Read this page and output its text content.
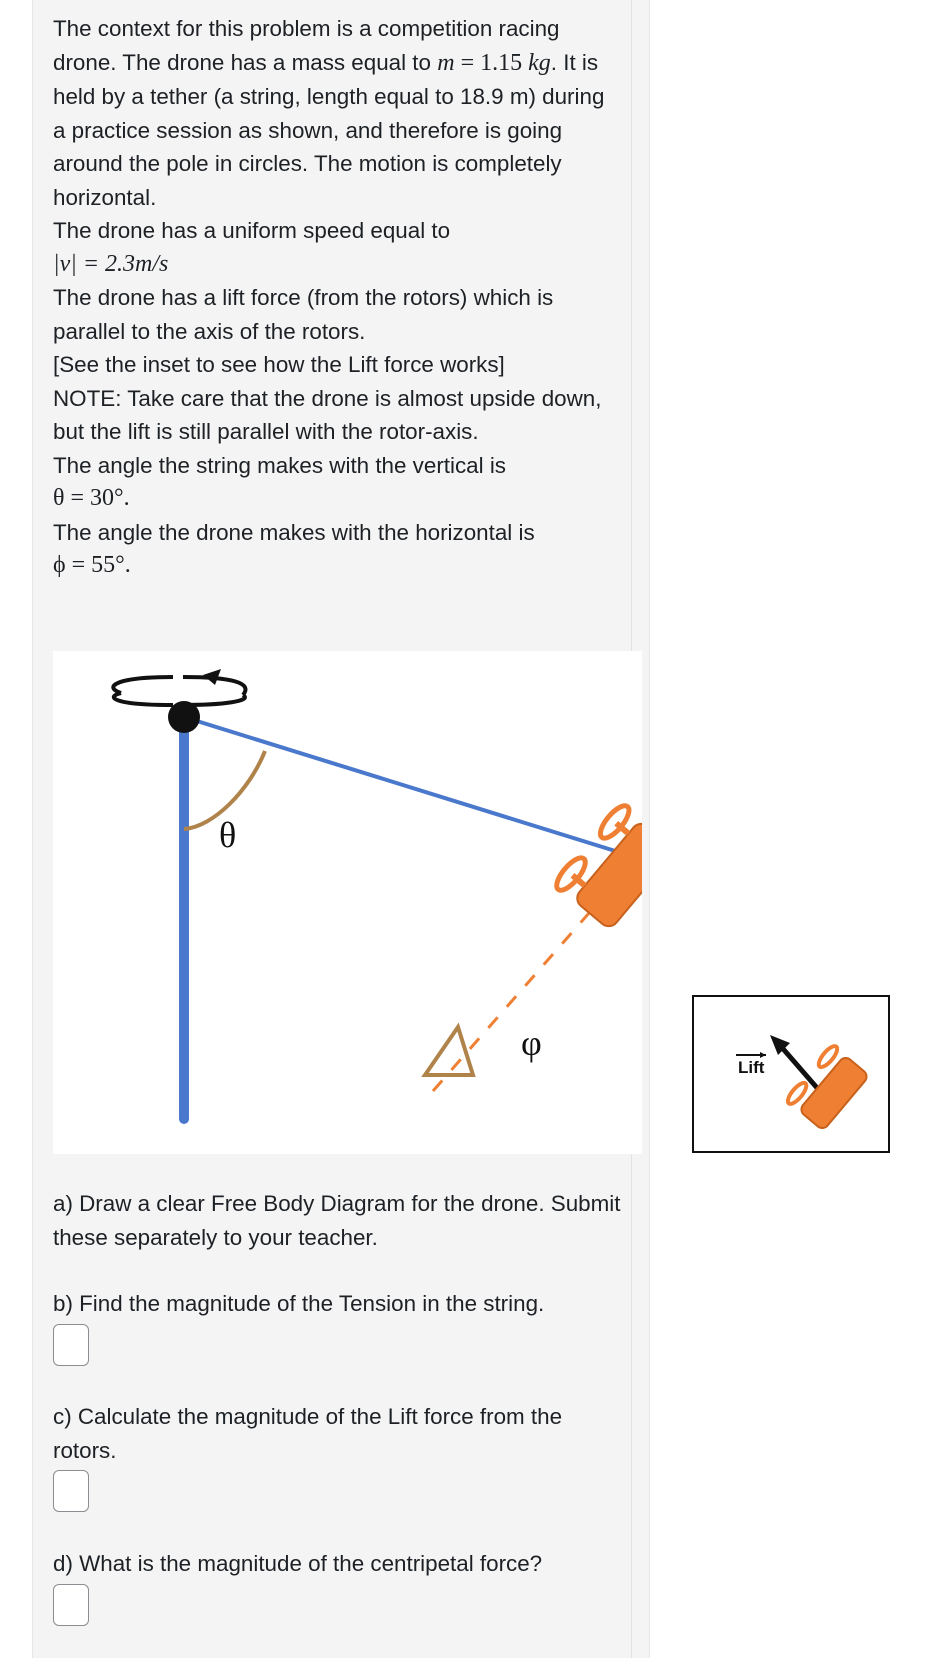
The context for this problem is a competition racing drone. The drone has a mass equal to m = 1.15 kg. It is held by a tether (a string, length equal to 18.9 m) during a practice session as shown, and therefore is going around the pole in circles. The motion is completely horizontal.

The drone has a uniform speed equal to

|v| = 2.3m/s

The drone has a lift force (from the rotors) which is parallel to the axis of the rotors.

[See the inset to see how the Lift force works]

NOTE: Take care that the drone is almost upside down, but the lift is still parallel with the rotor-axis.

The angle the string makes with the vertical is

θ = 30°.

The angle the drone makes with the horizontal is

ϕ = 55°.

θ
φ
Lift
a) Draw a clear Free Body Diagram for the drone. Submit these separately to your teacher.
b) Find the magnitude of the Tension in the string.
c) Calculate the magnitude of the Lift force from the rotors.
d) What is the magnitude of the centripetal force?
